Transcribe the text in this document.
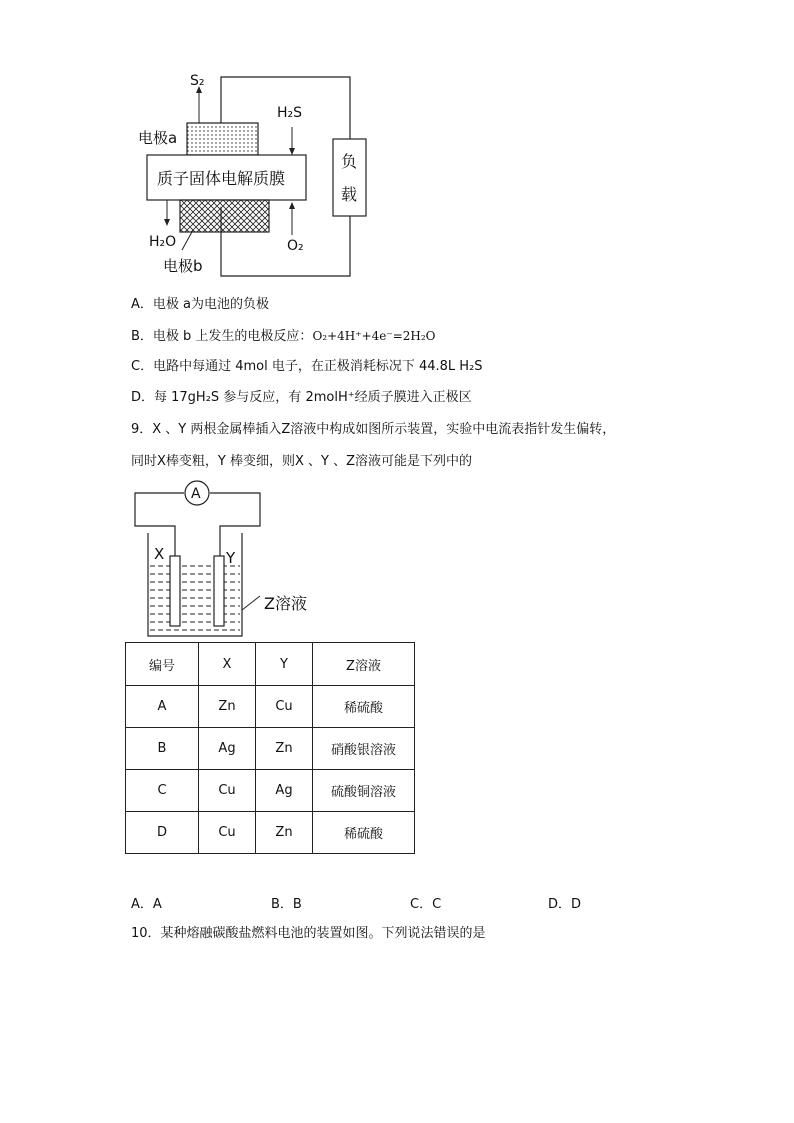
S₂
H₂S
电极a
质子固体电解质膜
H₂O	O₂
电极b
负
载
A．电极 a为电池的负极
B．电极 b 上发生的电极反应：O₂+4H⁺+4e⁻=2H₂O
C．电路中每通过 4mol 电子，在正极消耗标况下 44.8L H₂S
D．每 17gH₂S 参与反应，有 2molH⁺经质子膜进入正极区
9．X 、Y 两根金属棒插入Z溶液中构成如图所示装置，实验中电流表指针发生偏转，
同时X棒变粗，Y 棒变细，则X 、Y 、Z溶液可能是下列中的
A
X	Y
Z溶液
编号	X	Y	Z溶液
A	Zn	Cu	稀硫酸
B	Ag	Zn	硝酸银溶液
C	Cu	Ag	硫酸铜溶液
D	Cu	Zn	稀硫酸
A．A	B．B	C．C	D．D
10．某种熔融碳酸盐燃料电池的装置如图。下列说法错误的是
